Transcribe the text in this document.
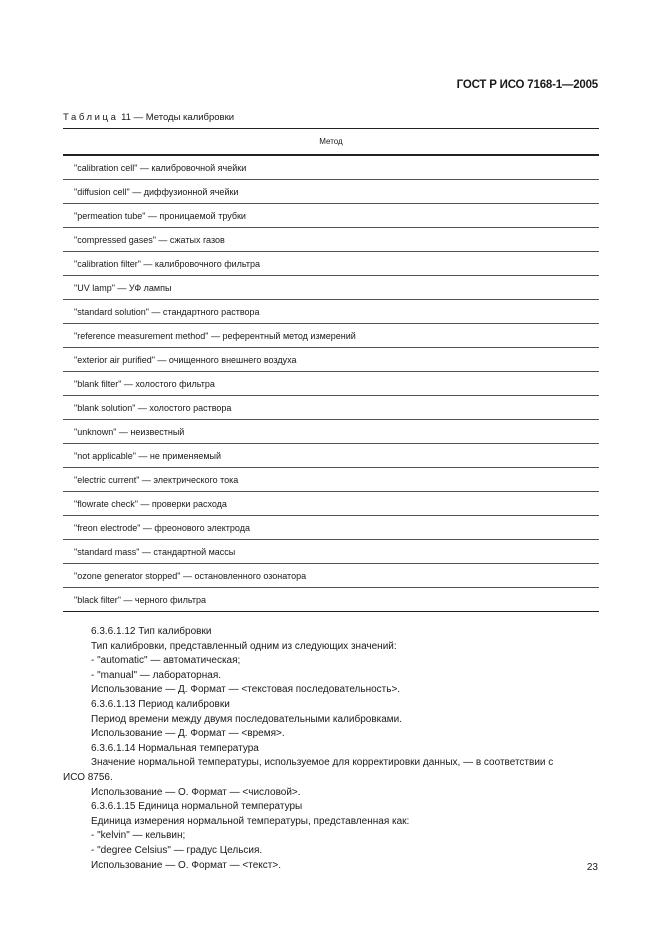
ГОСТ Р ИСО 7168-1—2005
Таблица 11 — Методы калибровки
Метод
"calibration cell" — калибровочной ячейки
"diffusion cell" — диффузионной ячейки
"permeation tube" — проницаемой трубки
"compressed gases" — сжатых газов
"calibration filter" — калибровочного фильтра
"UV lamp" — УФ лампы
"standard solution" — стандартного раствора
"reference measurement method" — референтный метод измерений
"exterior air purified" — очищенного внешнего воздуха
"blank filter" — холостого фильтра
"blank solution" — холостого раствора
"unknown" — неизвестный
"not applicable" — не применяемый
"electric current" — электрического тока
"flowrate check" — проверки расхода
"freon electrode" — фреонового электрода
"standard mass" — стандартной массы
"ozone generator stopped" — остановленного озонатора
"black filter" — черного фильтра

6.3.6.1.12 Тип калибровки

Тип калибровки, представленный одним из следующих значений:

- "automatic" — автоматическая;

- "manual" — лабораторная.

Использование — Д. Формат — <текстовая последовательность>.

6.3.6.1.13 Период калибровки

Период времени между двумя последовательными калибровками.

Использование — Д. Формат — <время>.

6.3.6.1.14 Нормальная температура

Значение нормальной температуры, используемое для корректировки данных, — в соответствии с

ИСО 8756.

Использование — О. Формат — <числовой>.

6.3.6.1.15 Единица нормальной температуры

Единица измерения нормальной температуры, представленная как:

- "kelvin" — кельвин;

- "degree Celsius" — градус Цельсия.

Использование — О. Формат — <текст>.	23
